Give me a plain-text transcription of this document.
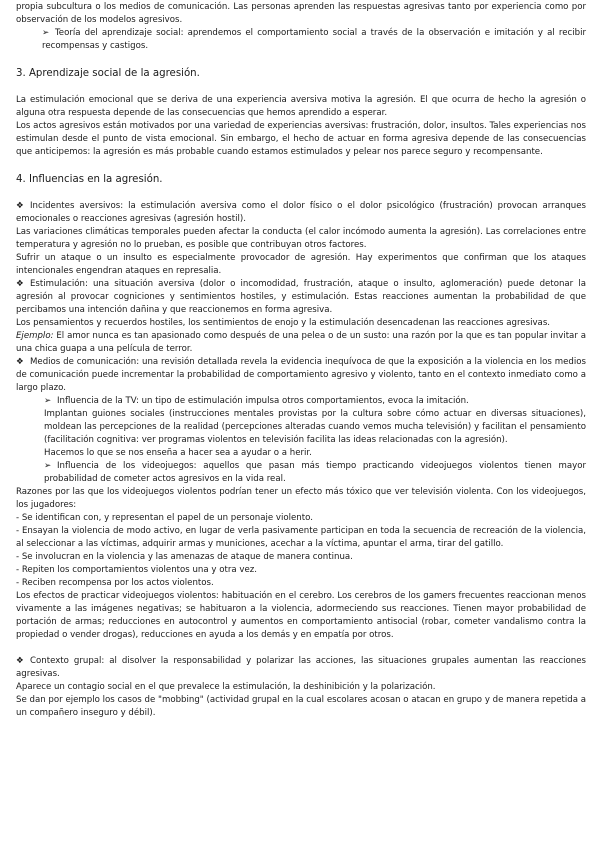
propia subcultura o los medios de comunicación. Las personas aprenden las respuestas agresivas tanto por experiencia como por observación de los modelos agresivos.

➢ Teoría del aprendizaje social: aprendemos el comportamiento social a través de la observación e imitación y al recibir recompensas y castigos.

3. Aprendizaje social de la agresión.

La estimulación emocional que se deriva de una experiencia aversiva motiva la agresión. El que ocurra de hecho la agresión o alguna otra respuesta depende de las consecuencias que hemos aprendido a esperar.

Los actos agresivos están motivados por una variedad de experiencias aversivas: frustración, dolor, insultos. Tales experiencias nos estimulan desde el punto de vista emocional. Sin embargo, el hecho de actuar en forma agresiva depende de las consecuencias que anticipemos: la agresión es más probable cuando estamos estimulados y pelear nos parece seguro y recompensante.

4. Influencias en la agresión.

❖ Incidentes aversivos: la estimulación aversiva como el dolor físico o el dolor psicológico (frustración) provocan arranques emocionales o reacciones agresivas (agresión hostil).

Las variaciones climáticas temporales pueden afectar la conducta (el calor incómodo aumenta la agresión). Las correlaciones entre temperatura y agresión no lo prueban, es posible que contribuyan otros factores.

Sufrir un ataque o un insulto es especialmente provocador de agresión. Hay experimentos que confirman que los ataques intencionales engendran ataques en represalia.

❖ Estimulación: una situación aversiva (dolor o incomodidad, frustración, ataque o insulto, aglomeración) puede detonar la agresión al provocar cogniciones y sentimientos hostiles, y estimulación. Estas reacciones aumentan la probabilidad de que percibamos una intención dañina y que reaccionemos en forma agresiva.

Los pensamientos y recuerdos hostiles, los sentimientos de enojo y la estimulación desencadenan las reacciones agresivas.

Ejemplo: El amor nunca es tan apasionado como después de una pelea o de un susto: una razón por la que es tan popular invitar a una chica guapa a una película de terror.

❖ Medios de comunicación: una revisión detallada revela la evidencia inequívoca de que la exposición a la violencia en los medios de comunicación puede incrementar la probabilidad de comportamiento agresivo y violento, tanto en el contexto inmediato como a largo plazo.

➢ Influencia de la TV: un tipo de estimulación impulsa otros comportamientos, evoca la imitación.

Implantan guiones sociales (instrucciones mentales provistas por la cultura sobre cómo actuar en diversas situaciones), moldean las percepciones de la realidad (percepciones alteradas cuando vemos mucha televisión) y facilitan el pensamiento (facilitación cognitiva: ver programas violentos en televisión facilita las ideas relacionadas con la agresión).

Hacemos lo que se nos enseña a hacer sea a ayudar o a herir.

➢ Influencia de los videojuegos: aquellos que pasan más tiempo practicando videojuegos violentos tienen mayor probabilidad de cometer actos agresivos en la vida real.

Razones por las que los videojuegos violentos podrían tener un efecto más tóxico que ver televisión violenta. Con los videojuegos, los jugadores:

- Se identifican con, y representan el papel de un personaje violento.

- Ensayan la violencia de modo activo, en lugar de verla pasivamente participan en toda la secuencia de recreación de la violencia, al seleccionar a las víctimas, adquirir armas y municiones, acechar a la víctima, apuntar el arma, tirar del gatillo.

- Se involucran en la violencia y las amenazas de ataque de manera continua.

- Repiten los comportamientos violentos una y otra vez.

- Reciben recompensa por los actos violentos.

Los efectos de practicar videojuegos violentos: habituación en el cerebro. Los cerebros de los gamers frecuentes reaccionan menos vivamente a las imágenes negativas; se habituaron a la violencia, adormeciendo sus reacciones. Tienen mayor probabilidad de portación de armas; reducciones en autocontrol y aumentos en comportamiento antisocial (robar, cometer vandalismo contra la propiedad o vender drogas), reducciones en ayuda a los demás y en empatía por otros.

❖ Contexto grupal: al disolver la responsabilidad y polarizar las acciones, las situaciones grupales aumentan las reacciones agresivas.

Aparece un contagio social en el que prevalece la estimulación, la deshinibición y la polarización.

Se dan por ejemplo los casos de "mobbing" (actividad grupal en la cual escolares acosan o atacan en grupo y de manera repetida a un compañero inseguro y débil).
